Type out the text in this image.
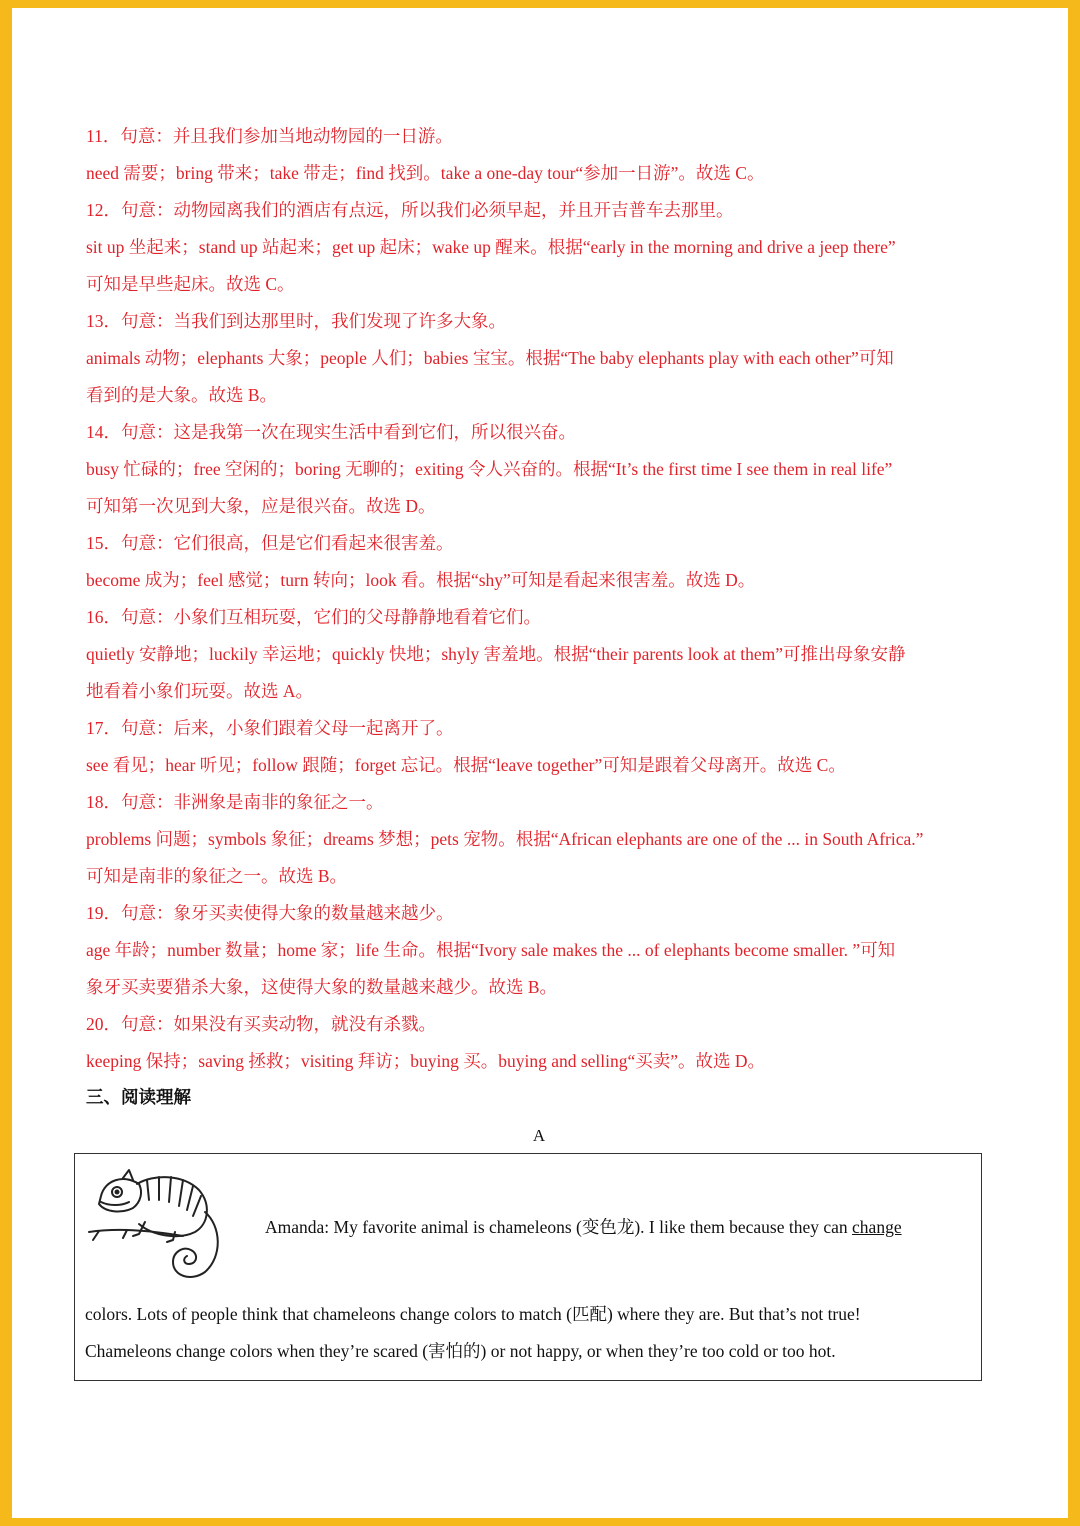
11．句意：并且我们参加当地动物园的一日游。
need 需要；bring 带来；take 带走；find 找到。take a one-day tour“参加一日游”。故选 C。
12．句意：动物园离我们的酒店有点远，所以我们必须早起，并且开吉普车去那里。
sit up 坐起来；stand up 站起来；get up 起床；wake up 醒来。根据“early in the morning and drive a jeep there”
可知是早些起床。故选 C。
13．句意：当我们到达那里时，我们发现了许多大象。
animals 动物；elephants 大象；people 人们；babies 宝宝。根据“The baby elephants play with each other”可知
看到的是大象。故选 B。
14．句意：这是我第一次在现实生活中看到它们，所以很兴奋。
busy 忙碌的；free 空闲的；boring 无聊的；exiting 令人兴奋的。根据“It’s the first time I see them in real life”
可知第一次见到大象，应是很兴奋。故选 D。
15．句意：它们很高，但是它们看起来很害羞。
become 成为；feel 感觉；turn 转向；look 看。根据“shy”可知是看起来很害羞。故选 D。
16．句意：小象们互相玩耍，它们的父母静静地看着它们。
quietly 安静地；luckily 幸运地；quickly 快地；shyly 害羞地。根据“their parents look at them”可推出母象安静
地看着小象们玩耍。故选 A。
17．句意：后来，小象们跟着父母一起离开了。
see 看见；hear 听见；follow 跟随；forget 忘记。根据“leave together”可知是跟着父母离开。故选 C。
18．句意：非洲象是南非的象征之一。
problems 问题；symbols 象征；dreams 梦想；pets 宠物。根据“African elephants are one of the ... in South Africa.”
可知是南非的象征之一。故选 B。
19．句意：象牙买卖使得大象的数量越来越少。
age 年龄；number 数量；home 家；life 生命。根据“Ivory sale makes the ... of elephants become smaller. ”可知
象牙买卖要猎杀大象，这使得大象的数量越来越少。故选 B。
20．句意：如果没有买卖动物，就没有杀戮。
keeping 保持；saving 拯救；visiting 拜访；buying 买。buying and selling“买卖”。故选 D。
三、阅读理解
A
Amanda: My favorite animal is chameleons (变色龙). I like them because they can change
colors. Lots of people think that chameleons change colors to match (匹配) where they are. But that’s not true!
Chameleons change colors when they’re scared (害怕的) or not happy, or when they’re too cold or too hot.
